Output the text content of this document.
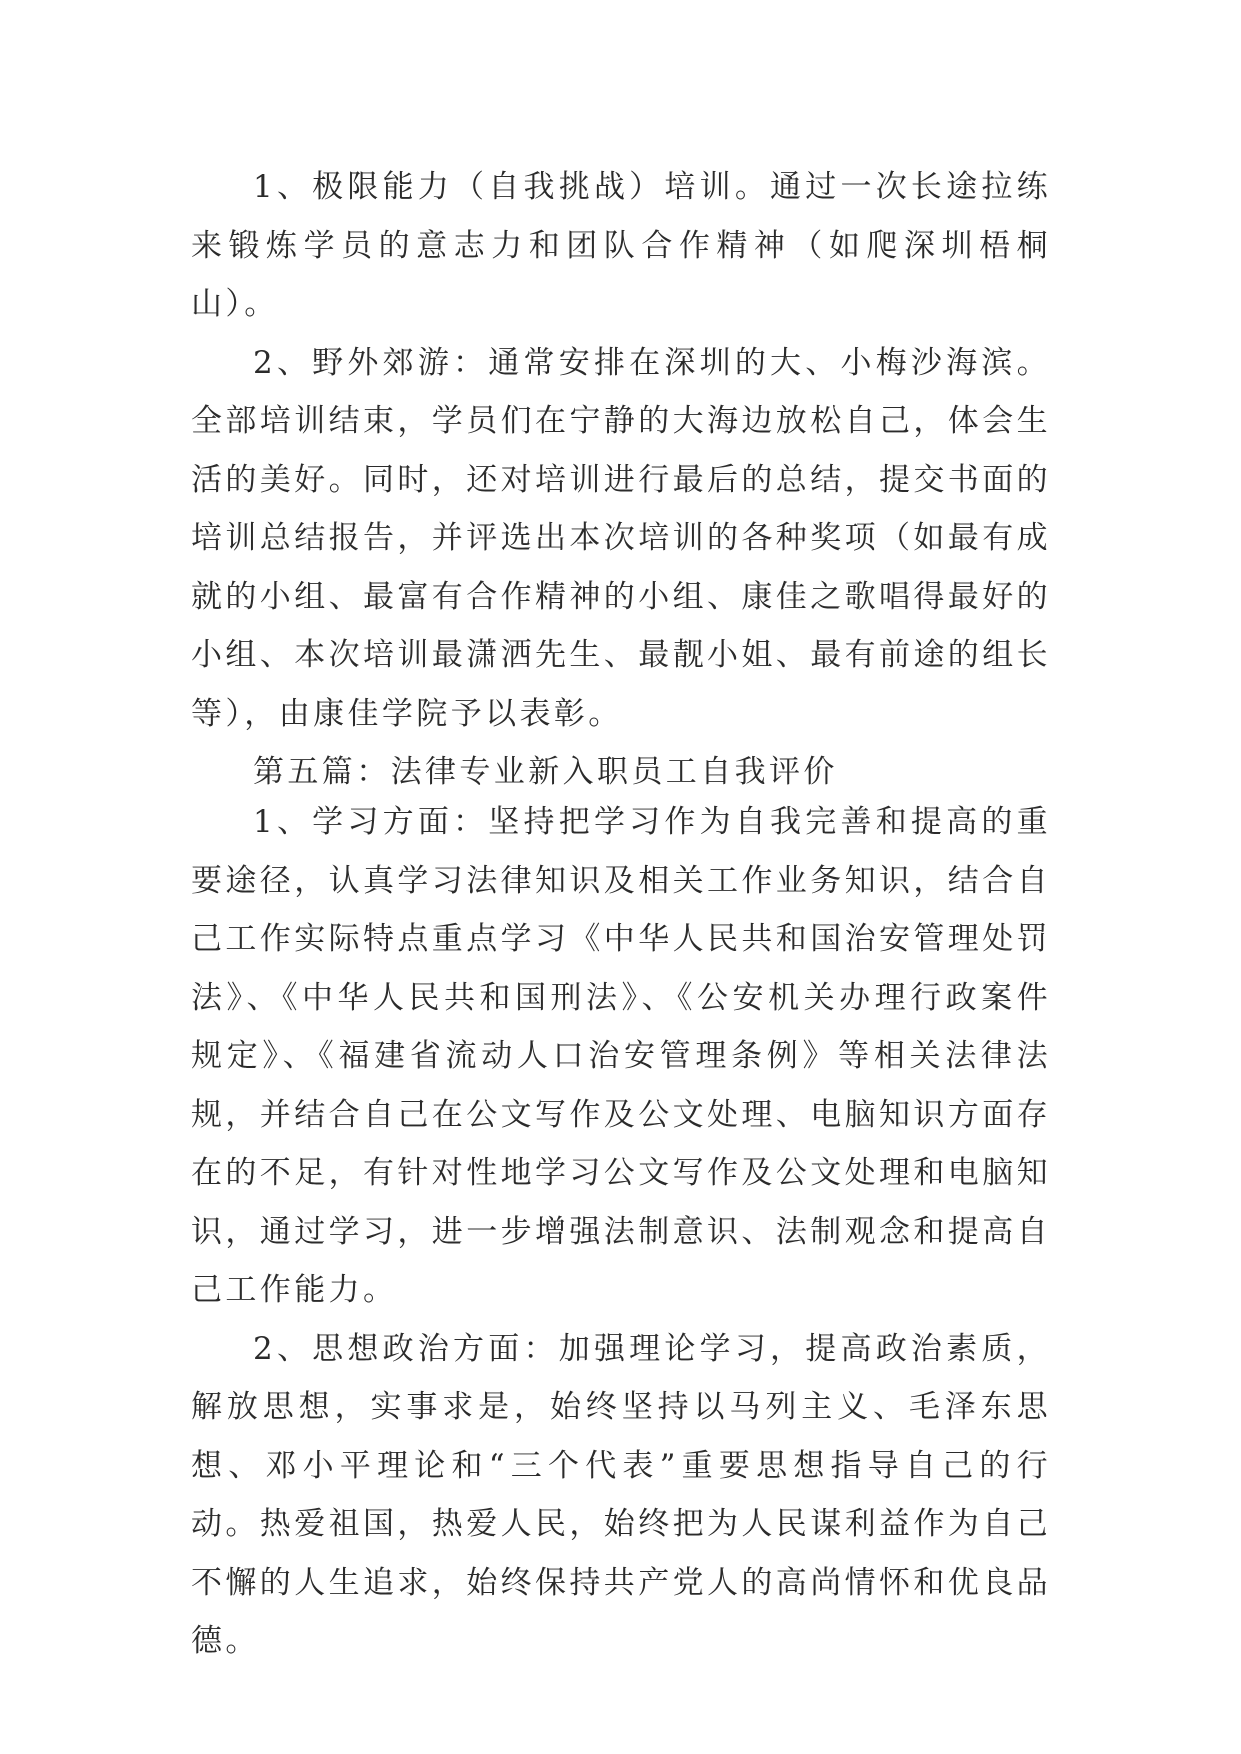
1、极限能力（自我挑战）培训。通过一次长途拉练来锻炼学员的意志力和团队合作精神（如爬深圳梧桐山）。

2、野外郊游：通常安排在深圳的大、小梅沙海滨。全部培训结束，学员们在宁静的大海边放松自己，体会生活的美好。同时，还对培训进行最后的总结，提交书面的培训总结报告，并评选出本次培训的各种奖项（如最有成就的小组、最富有合作精神的小组、康佳之歌唱得最好的小组、本次培训最潇洒先生、最靓小姐、最有前途的组长等），由康佳学院予以表彰。

第五篇：法律专业新入职员工自我评价

1、学习方面：坚持把学习作为自我完善和提高的重要途径，认真学习法律知识及相关工作业务知识，结合自己工作实际特点重点学习《中华人民共和国治安管理处罚法》、《中华人民共和国刑法》、《公安机关办理行政案件规定》、《福建省流动人口治安管理条例》等相关法律法规，并结合自己在公文写作及公文处理、电脑知识方面存在的不足，有针对性地学习公文写作及公文处理和电脑知识，通过学习，进一步增强法制意识、法制观念和提高自己工作能力。

2、思想政治方面：加强理论学习，提高政治素质，解放思想，实事求是，始终坚持以马列主义、毛泽东思想、邓小平理论和“三个代表”重要思想指导自己的行动。热爱祖国，热爱人民，始终把为人民谋利益作为自己不懈的人生追求，始终保持共产党人的高尚情怀和优良品德。
